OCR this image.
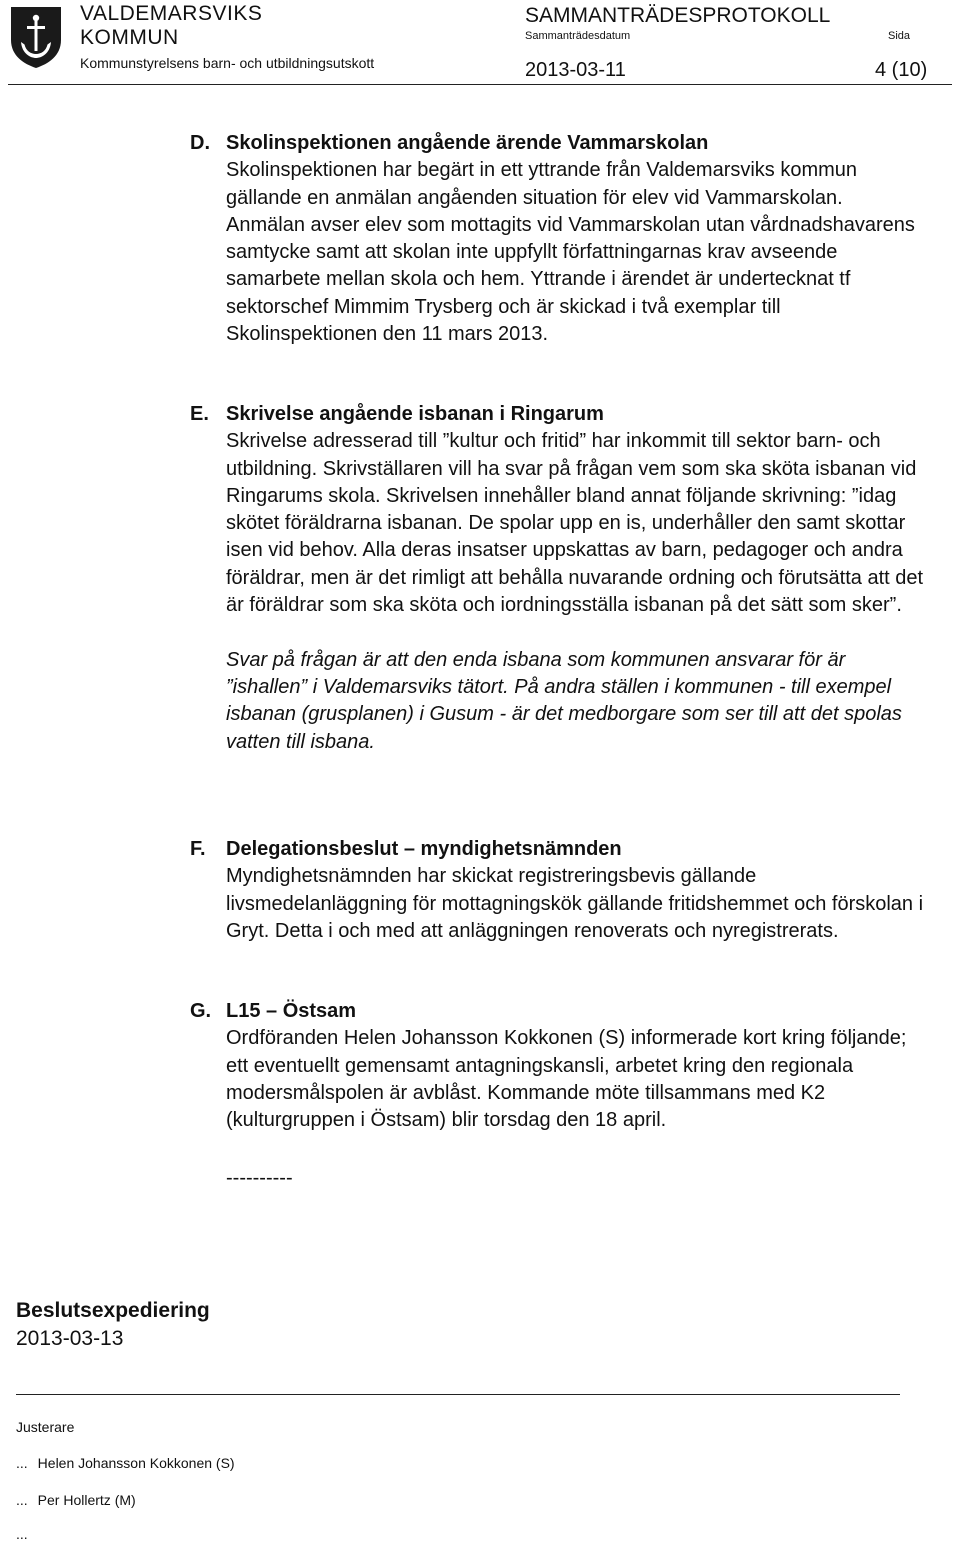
VALDEMARSVIKS
KOMMUN
Kommunstyrelsens barn- och utbildningsutskott
SAMMANTRÄDESPROTOKOLL
Sammanträdesdatum	Sida
2013-03-11	4 (10)
D. Skolinspektionen angående ärende Vammarskolan

Skolinspektionen har begärt in ett yttrande från Valdemarsviks kommun gällande en anmälan angåenden situation för elev vid Vammarskolan. Anmälan avser elev som mottagits vid Vammarskolan utan vårdnadshavarens samtycke samt att skolan inte uppfyllt författningarnas krav avseende samarbete mellan skola och hem. Yttrande i ärendet är undertecknat tf sektorschef Mimmim Trysberg och är skickad i två exemplar till Skolinspektionen den 11 mars 2013.

E. Skrivelse angående isbanan i Ringarum

Skrivelse adresserad till ”kultur och fritid” har inkommit till sektor barn- och utbildning. Skrivställaren vill ha svar på frågan vem som ska sköta isbanan vid Ringarums skola. Skrivelsen innehåller bland annat följande skrivning: ”idag skötet föräldrarna isbanan. De spolar upp en is, underhåller den samt skottar isen vid behov. Alla deras insatser uppskattas av barn, pedagoger och andra föräldrar, men är det rimligt att behålla nuvarande ordning och förutsätta att det är föräldrar som ska sköta och iordningsställa isbanan på det sätt som sker”.

Svar på frågan är att den enda isbana som kommunen ansvarar för är ”ishallen” i Valdemarsviks tätort. På andra ställen i kommunen - till exempel isbanan (grusplanen) i Gusum - är det medborgare som ser till att det spolas vatten till isbana.

F. Delegationsbeslut – myndighetsnämnden

Myndighetsnämnden har skickat registreringsbevis gällande livsmedelanläggning för mottagningskök gällande fritidshemmet och förskolan i Gryt. Detta i och med att anläggningen renoverats och nyregistrerats.

G. L15 – Östsam

Ordföranden Helen Johansson Kokkonen (S) informerade kort kring följande; ett eventuellt gemensamt antagningskansli, arbetet kring den regionala modersmålspolen är avblåst. Kommande möte tillsammans med K2 (kulturgruppen i Östsam) blir torsdag den 18 april.

----------
Beslutsexpediering
2013-03-13
Justerare
... Helen Johansson Kokkonen (S)
... Per Hollertz (M)
...
